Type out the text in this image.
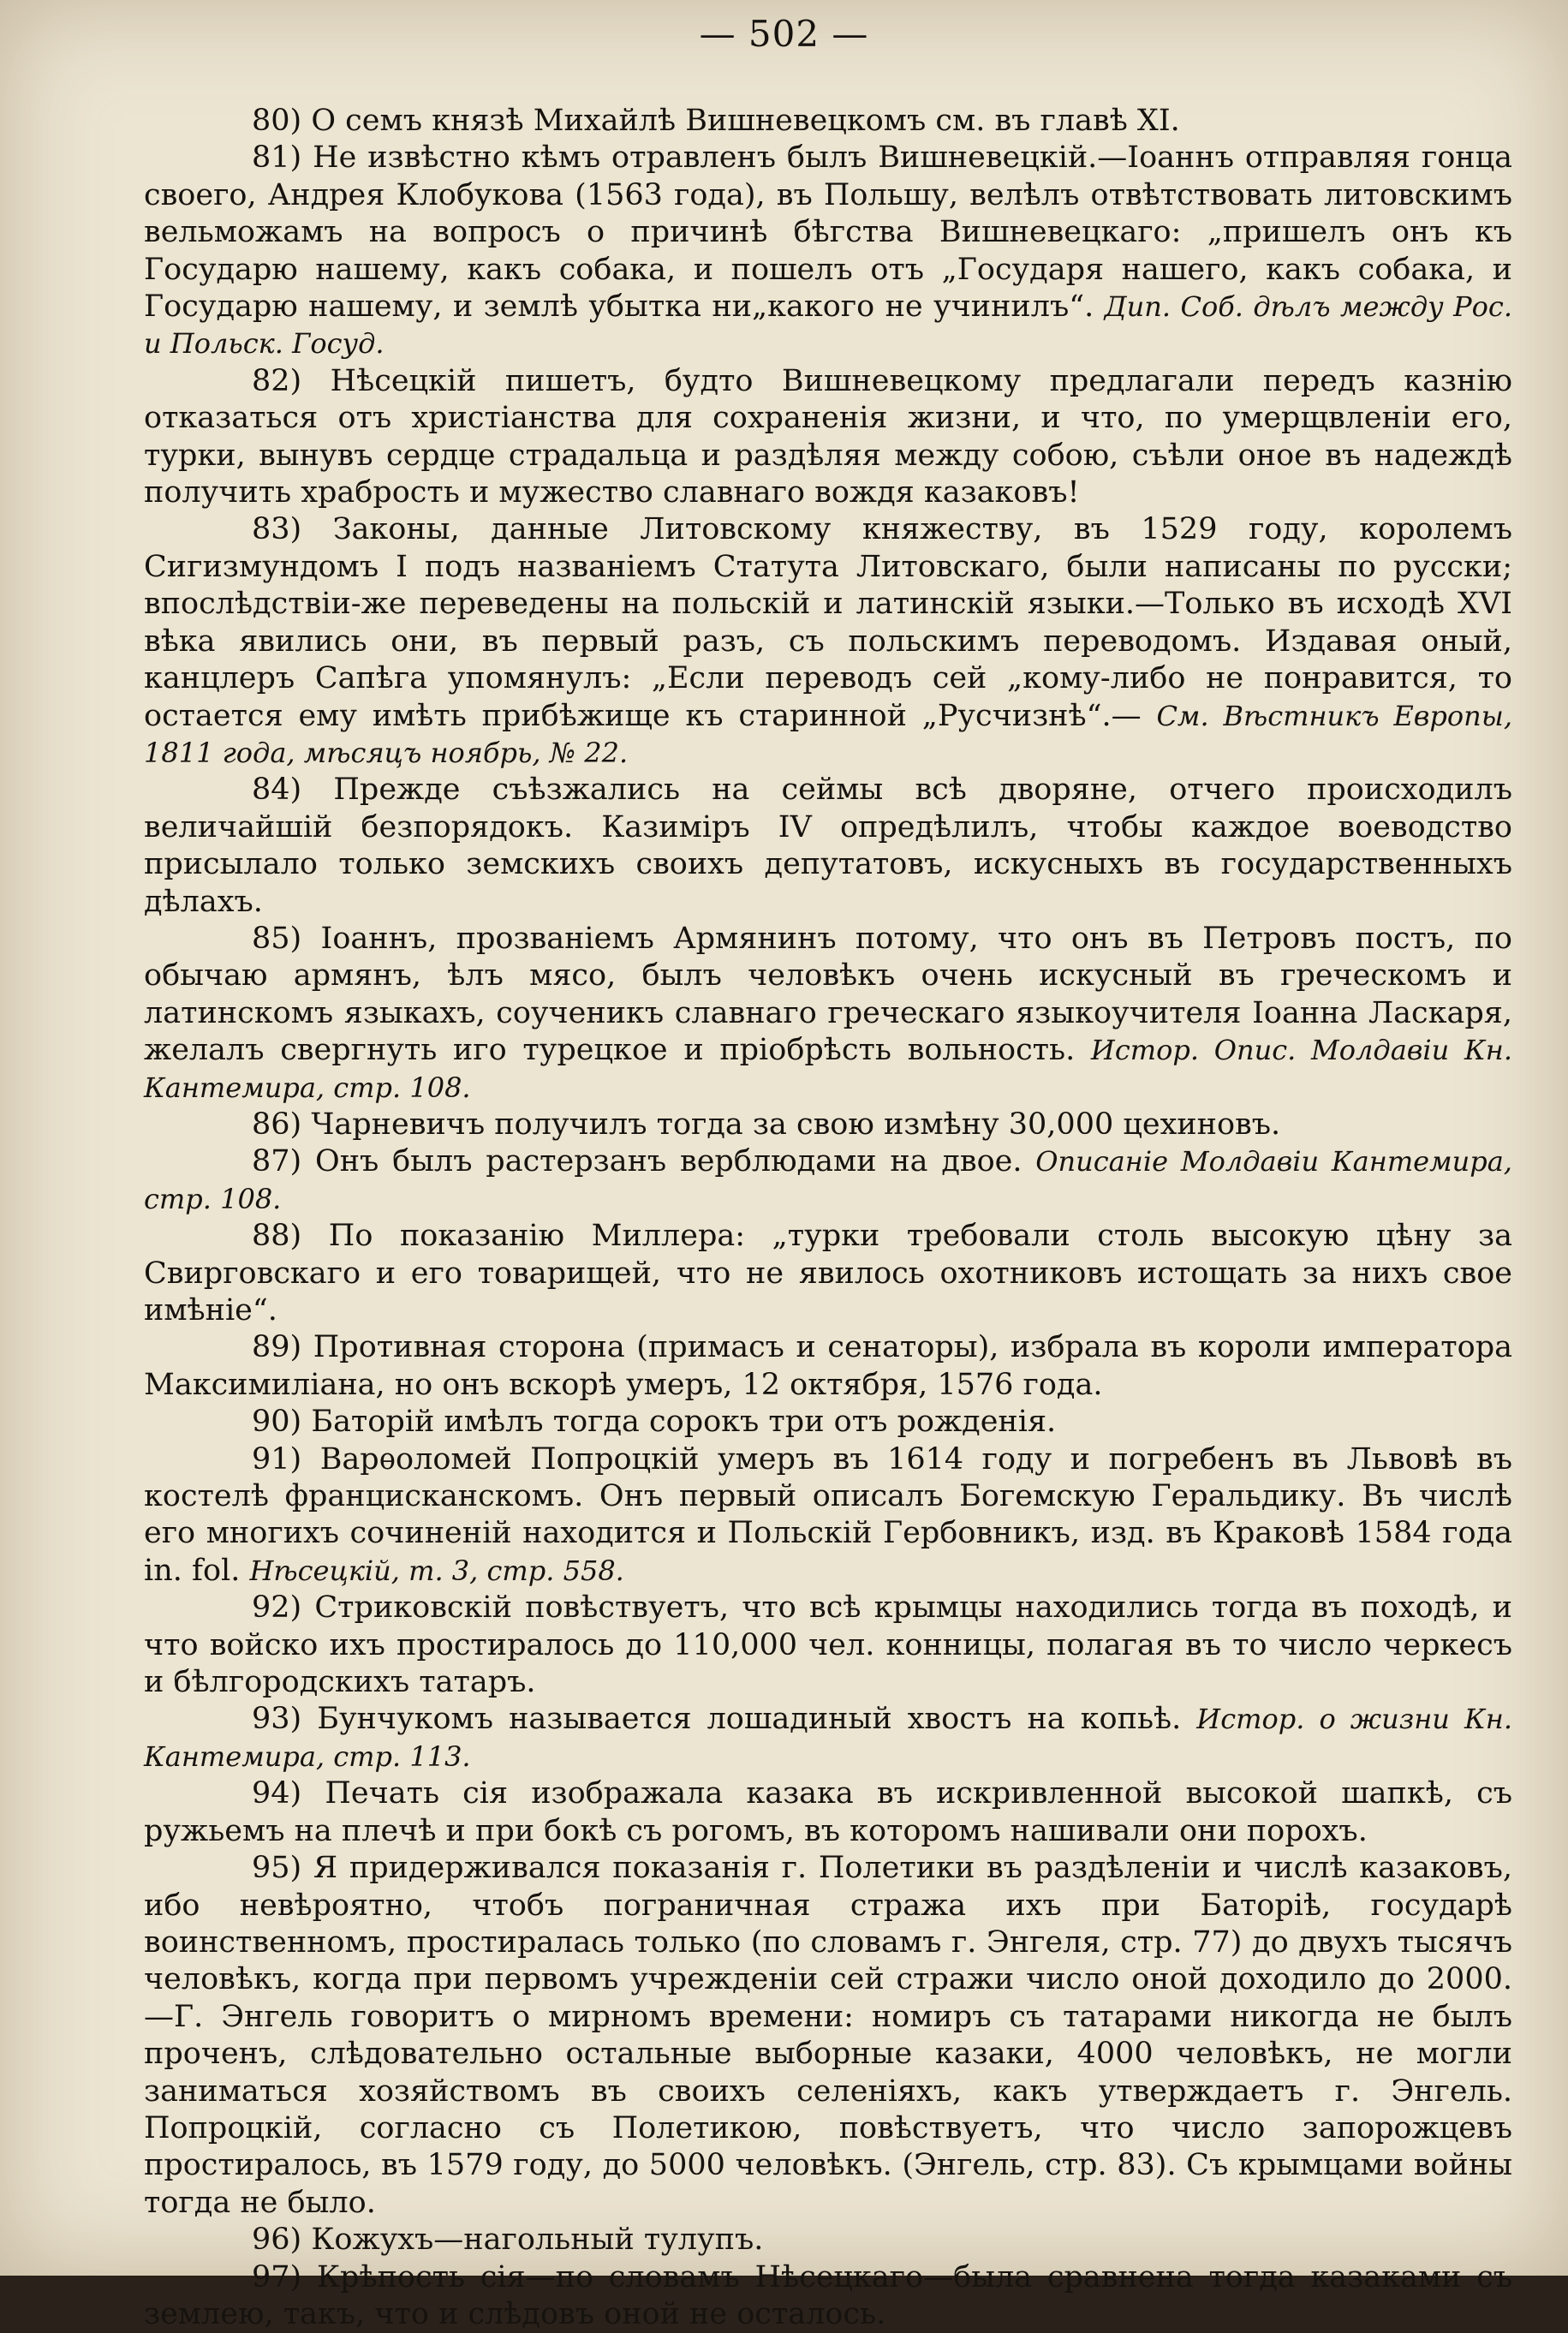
— 502 —
80) О семъ князѣ Михайлѣ Вишневецкомъ см. въ главѣ XI.
81) Не извѣстно кѣмъ отравленъ былъ Вишневецкій.—Іоаннъ отправляя гонца своего, Андрея Клобукова (1563 года), въ Польшу, велѣлъ отвѣтствовать литовскимъ вельможамъ на вопросъ о причинѣ бѣгства Вишневецкаго: „пришелъ онъ къ Государю нашему, какъ собака, и пошелъ отъ „Государя нашего, какъ собака, и Государю нашему, и землѣ убытка ни„какого не учинилъ“. Дип. Соб. дѣлъ между Рос. и Польск. Госуд.
82) Нѣсецкій пишетъ, будто Вишневецкому предлагали передъ казнію отказаться отъ христіанства для сохраненія жизни, и что, по умерщвленіи его, турки, вынувъ сердце страдальца и раздѣляя между собою, съѣли оное въ надеждѣ получить храбрость и мужество славнаго вождя казаковъ!
83) Законы, данные Литовскому княжеству, въ 1529 году, королемъ Сигизмундомъ I подъ названіемъ Статута Литовскаго, были написаны по русски; впослѣдствіи-же переведены на польскій и латинскій языки.—Только въ исходѣ XVI вѣка явились они, въ первый разъ, съ польскимъ переводомъ. Издавая оный, канцлеръ Сапѣга упомянулъ: „Если переводъ сей „кому-либо не понравится, то остается ему имѣть прибѣжище къ старинной „Русчизнѣ“.— См. Вѣстникъ Европы, 1811 года, мѣсяцъ ноябрь, № 22.
84) Прежде съѣзжались на сеймы всѣ дворяне, отчего происходилъ величайшій безпорядокъ. Казиміръ IV опредѣлилъ, чтобы каждое воеводство присылало только земскихъ своихъ депутатовъ, искусныхъ въ государственныхъ дѣлахъ.
85) Іоаннъ, прозваніемъ Армянинъ потому, что онъ въ Петровъ постъ, по обычаю армянъ, ѣлъ мясо, былъ человѣкъ очень искусный въ греческомъ и латинскомъ языкахъ, соученикъ славнаго греческаго языкоучителя Іоанна Ласкаря, желалъ свергнуть иго турецкое и пріобрѣсть вольность. Истор. Опис. Молдавіи Кн. Кантемира, стр. 108.
86) Чарневичъ получилъ тогда за свою измѣну 30,000 цехиновъ.
87) Онъ былъ растерзанъ верблюдами на двое. Описаніе Молдавіи Кантемира, стр. 108.
88) По показанію Миллера: „турки требовали столь высокую цѣну за Свирговскаго и его товарищей, что не явилось охотниковъ истощать за нихъ свое имѣніе“.
89) Противная сторона (примасъ и сенаторы), избрала въ короли императора Максимиліана, но онъ вскорѣ умеръ, 12 октября, 1576 года.
90) Баторій имѣлъ тогда сорокъ три отъ рожденія.
91) Варѳоломей Попроцкій умеръ въ 1614 году и погребенъ въ Львовѣ въ костелѣ францисканскомъ. Онъ первый описалъ Богемскую Геральдику. Въ числѣ его многихъ сочиненій находится и Польскій Гербовникъ, изд. въ Краковѣ 1584 года in. fol. Нѣсецкій, т. 3, стр. 558.
92) Стриковскій повѣствуетъ, что всѣ крымцы находились тогда въ походѣ, и что войско ихъ простиралось до 110,000 чел. конницы, полагая въ то число черкесъ и бѣлгородскихъ татаръ.
93) Бунчукомъ называется лошадиный хвостъ на копьѣ. Истор. о жизни Кн. Кантемира, стр. 113.
94) Печать сія изображала казака въ искривленной высокой шапкѣ, съ ружьемъ на плечѣ и при бокѣ съ рогомъ, въ которомъ нашивали они порохъ.
95) Я придерживался показанія г. Полетики въ раздѣленіи и числѣ казаковъ, ибо невѣроятно, чтобъ пограничная стража ихъ при Баторіѣ, государѣ воинственномъ, простиралась только (по словамъ г. Энгеля, стр. 77) до двухъ тысячъ человѣкъ, когда при первомъ учрежденіи сей стражи число оной доходило до 2000.—Г. Энгель говоритъ о мирномъ времени: номиръ съ татарами никогда не былъ проченъ, слѣдовательно остальные выборные казаки, 4000 человѣкъ, не могли заниматься хозяйствомъ въ своихъ селеніяхъ, какъ утверждаетъ г. Энгель. Попроцкій, согласно съ Полетикою, повѣствуетъ, что число запорожцевъ простиралось, въ 1579 году, до 5000 человѣкъ. (Энгель, стр. 83). Съ крымцами войны тогда не было.
96) Кожухъ—нагольный тулупъ.
97) Крѣпость сія—по словамъ Нѣсецкаго—была сравнена тогда казаками съ землею, такъ, что и слѣдовъ оной не осталось.
